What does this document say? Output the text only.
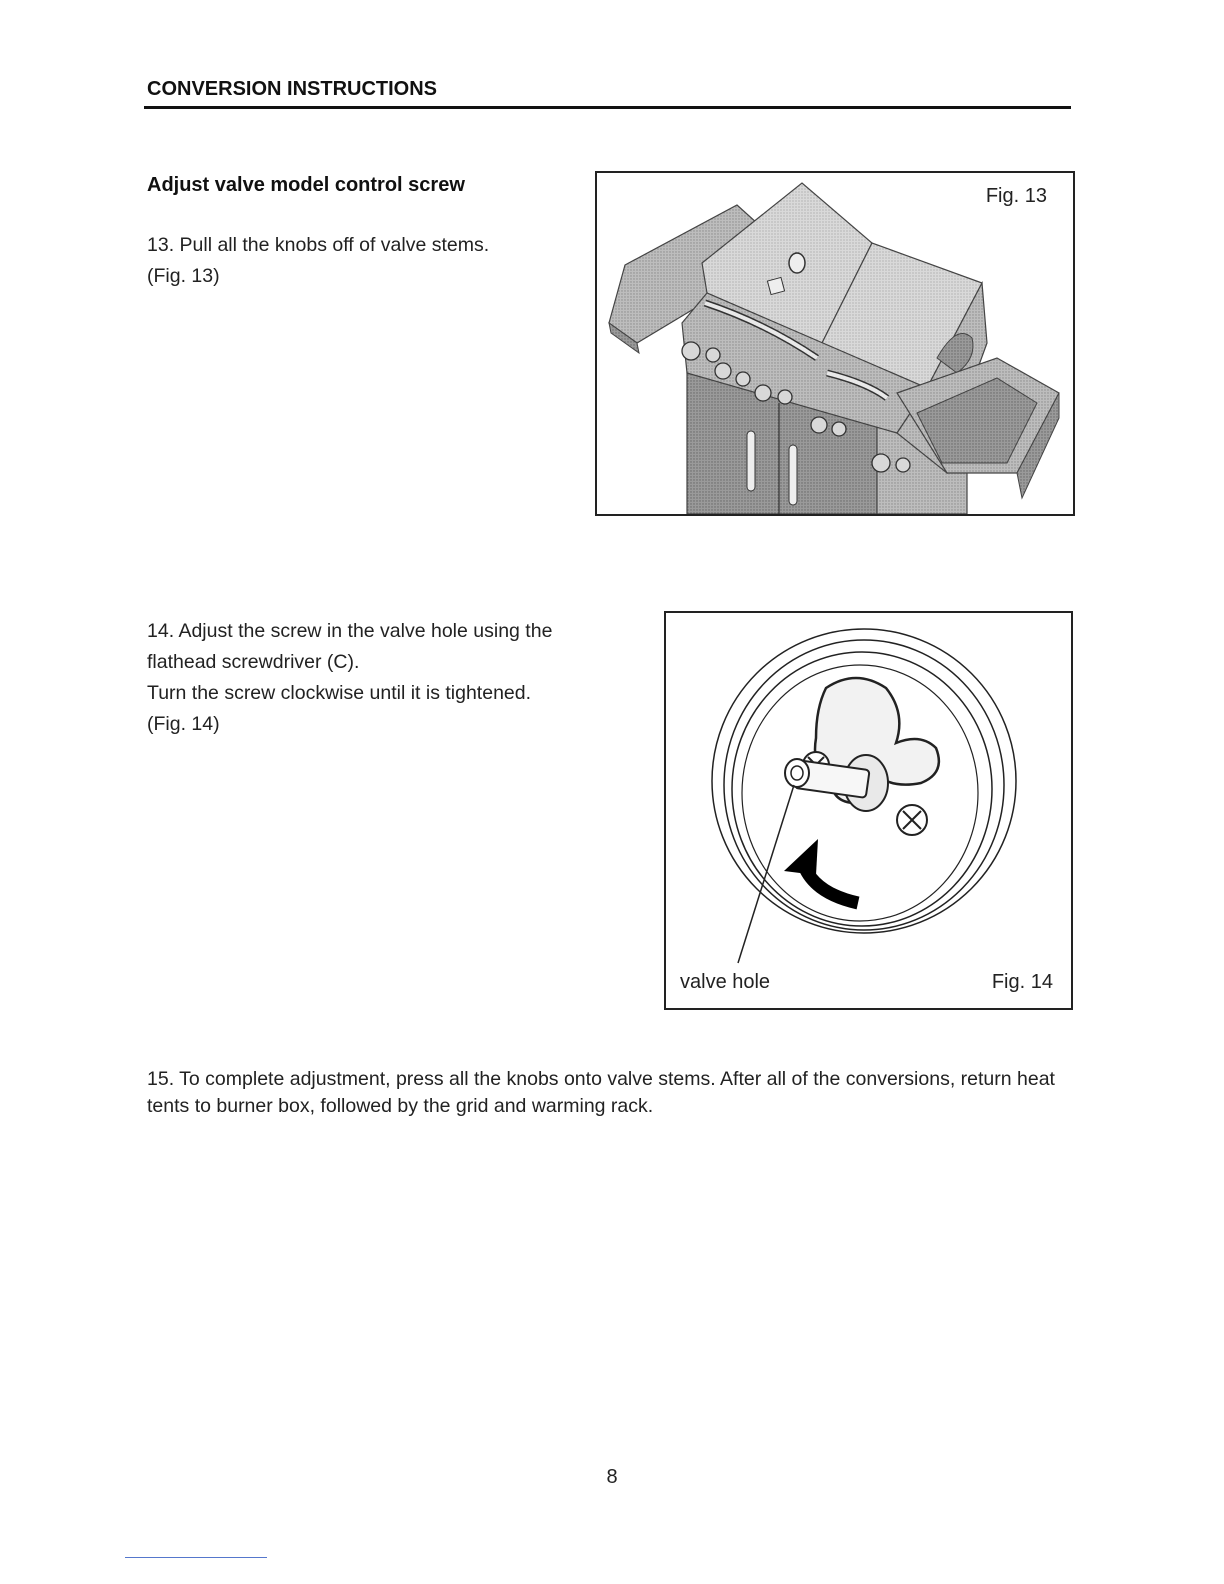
CONVERSION INSTRUCTIONS
Adjust valve model control screw
13. Pull all the knobs off of valve stems.
(Fig. 13)
Fig. 13
14. Adjust the screw in the valve hole using the
flathead screwdriver (C).
Turn the screw clockwise until it is tightened.
(Fig. 14)
valve hole	Fig. 14
15. To complete adjustment, press all the knobs onto valve stems. After all of the conversions, return heat tents to burner box, followed by the grid and warming rack.
8
